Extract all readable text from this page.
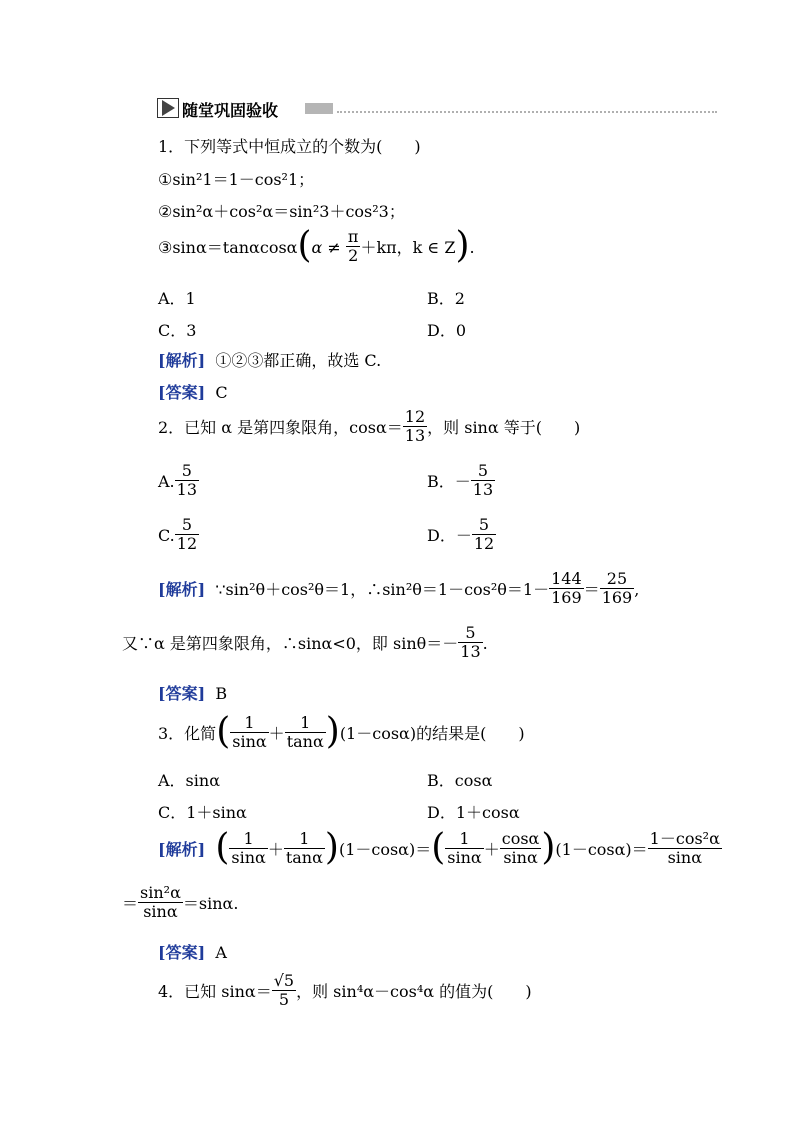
随堂巩固验收
1．下列等式中恒成立的个数为(　　)
①sin²1＝1－cos²1；
②sin²α＋cos²α＝sin²3＋cos²3；
③sinα＝tanαcosα(α ≠ $\frac{\pi}{2} +k\pi$，k ∈ Z).
A．1	B．2
C．3	D．0
[解析] ①②③都正确，故选 C.
[答案] C
2．已知 α 是第四象限角，$\cos\alpha= \frac{12}{13}$ ，则 sinα 等于(　　)
A. $\frac{5}{13}$	B．－ $\frac{5}{13}$
C. $\frac{5}{12}$	D．－ $\frac{5}{12}$
[解析] ∵sin²θ＋cos²θ＝1，∴sin²θ＝1－cos²θ＝1－ $\frac{144}{169} = \frac{25}{169}$ ,
又∵α 是第四象限角，∴sinα<0，即 $\sin\theta=- \frac{5}{13}$ .
[答案] B
3．化简( $\frac{1}{\sin\alpha} + \frac{1}{\tan\alpha} )(1-\cos\alpha)$的结果是(　　)
A．sinα	B．cosα
C．1＋sinα	D．1＋cosα
[解析] ( $\frac{1}{\sin\alpha} + \frac{1}{\tan\alpha} )(1-\cos\alpha)=( \frac{1}{\sin\alpha} + \frac{\cos\alpha}{\sin\alpha} )(1-\cos\alpha)= \frac{\text{1－cos²α}}{\sin\alpha}$
＝ $\frac{\text{sin²α}}{\sin\alpha} =\sin\alpha$.
[答案] A
4．已知 $\sin\alpha= \frac{√5}{5}$ ，则 sin⁴α－cos⁴α 的值为(　　)
